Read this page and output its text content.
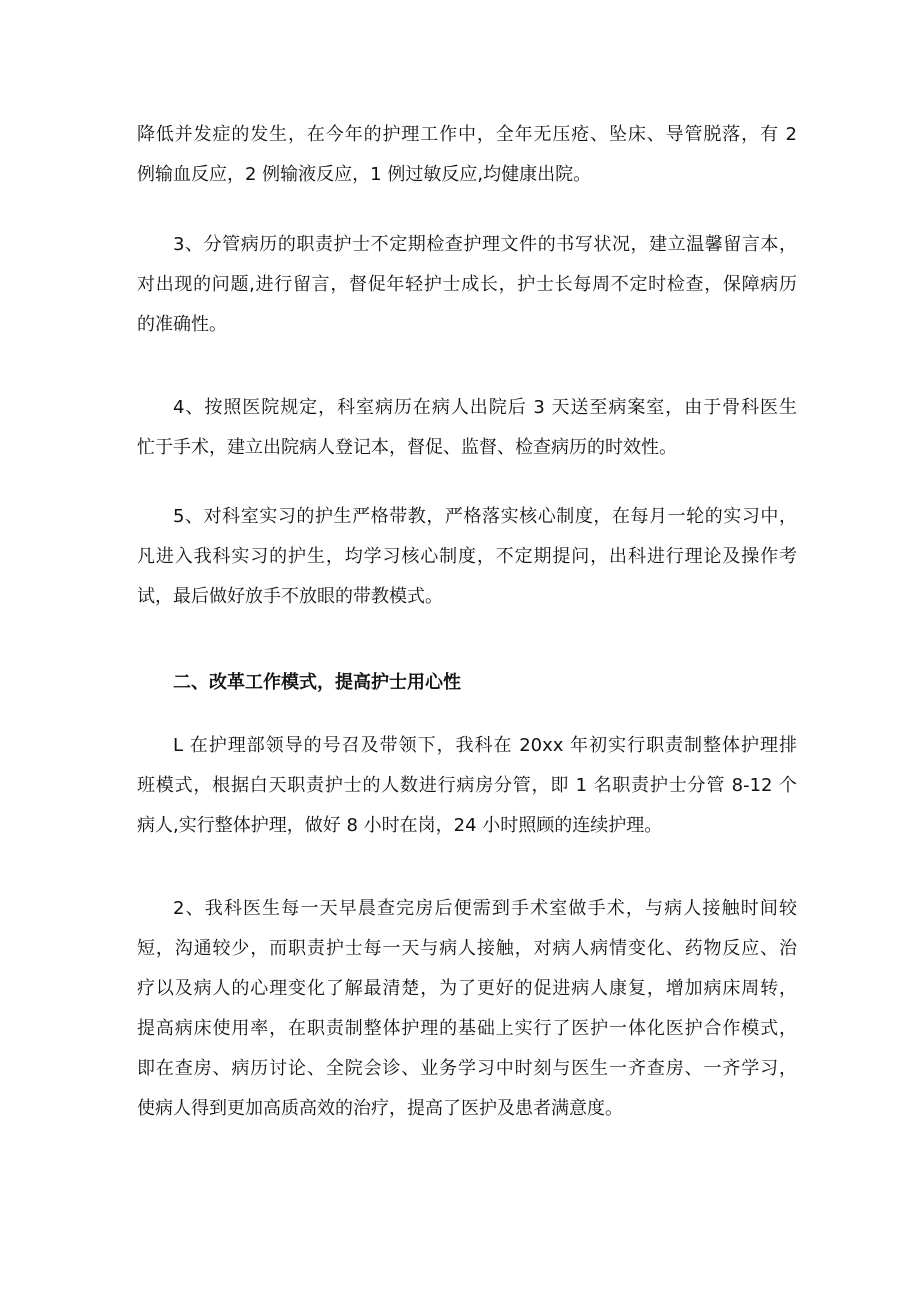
降低并发症的发生，在今年的护理工作中，全年无压疮、坠床、导管脱落，有 2
例输血反应，2 例输液反应，1 例过敏反应,均健康出院。
3、分管病历的职责护士不定期检查护理文件的书写状况，建立温馨留言本，
对出现的问题,进行留言，督促年轻护士成长，护士长每周不定时检查，保障病历
的准确性。
4、按照医院规定，科室病历在病人出院后 3 天送至病案室，由于骨科医生
忙于手术，建立出院病人登记本，督促、监督、检查病历的时效性。
5、对科室实习的护生严格带教，严格落实核心制度，在每月一轮的实习中，
凡进入我科实习的护生，均学习核心制度，不定期提问，出科进行理论及操作考
试，最后做好放手不放眼的带教模式。
二、改革工作模式，提高护士用心性
L 在护理部领导的号召及带领下，我科在 20xx 年初实行职责制整体护理排
班模式，根据白天职责护士的人数进行病房分管，即 1 名职责护士分管 8-12 个
病人,实行整体护理，做好 8 小时在岗，24 小时照顾的连续护理。
2、我科医生每一天早晨查完房后便需到手术室做手术，与病人接触时间较
短，沟通较少，而职责护士每一天与病人接触，对病人病情变化、药物反应、治
疗以及病人的心理变化了解最清楚，为了更好的促进病人康复，增加病床周转，
提高病床使用率，在职责制整体护理的基础上实行了医护一体化医护合作模式，
即在查房、病历讨论、全院会诊、业务学习中时刻与医生一齐查房、一齐学习，
使病人得到更加高质高效的治疗，提高了医护及患者满意度。
